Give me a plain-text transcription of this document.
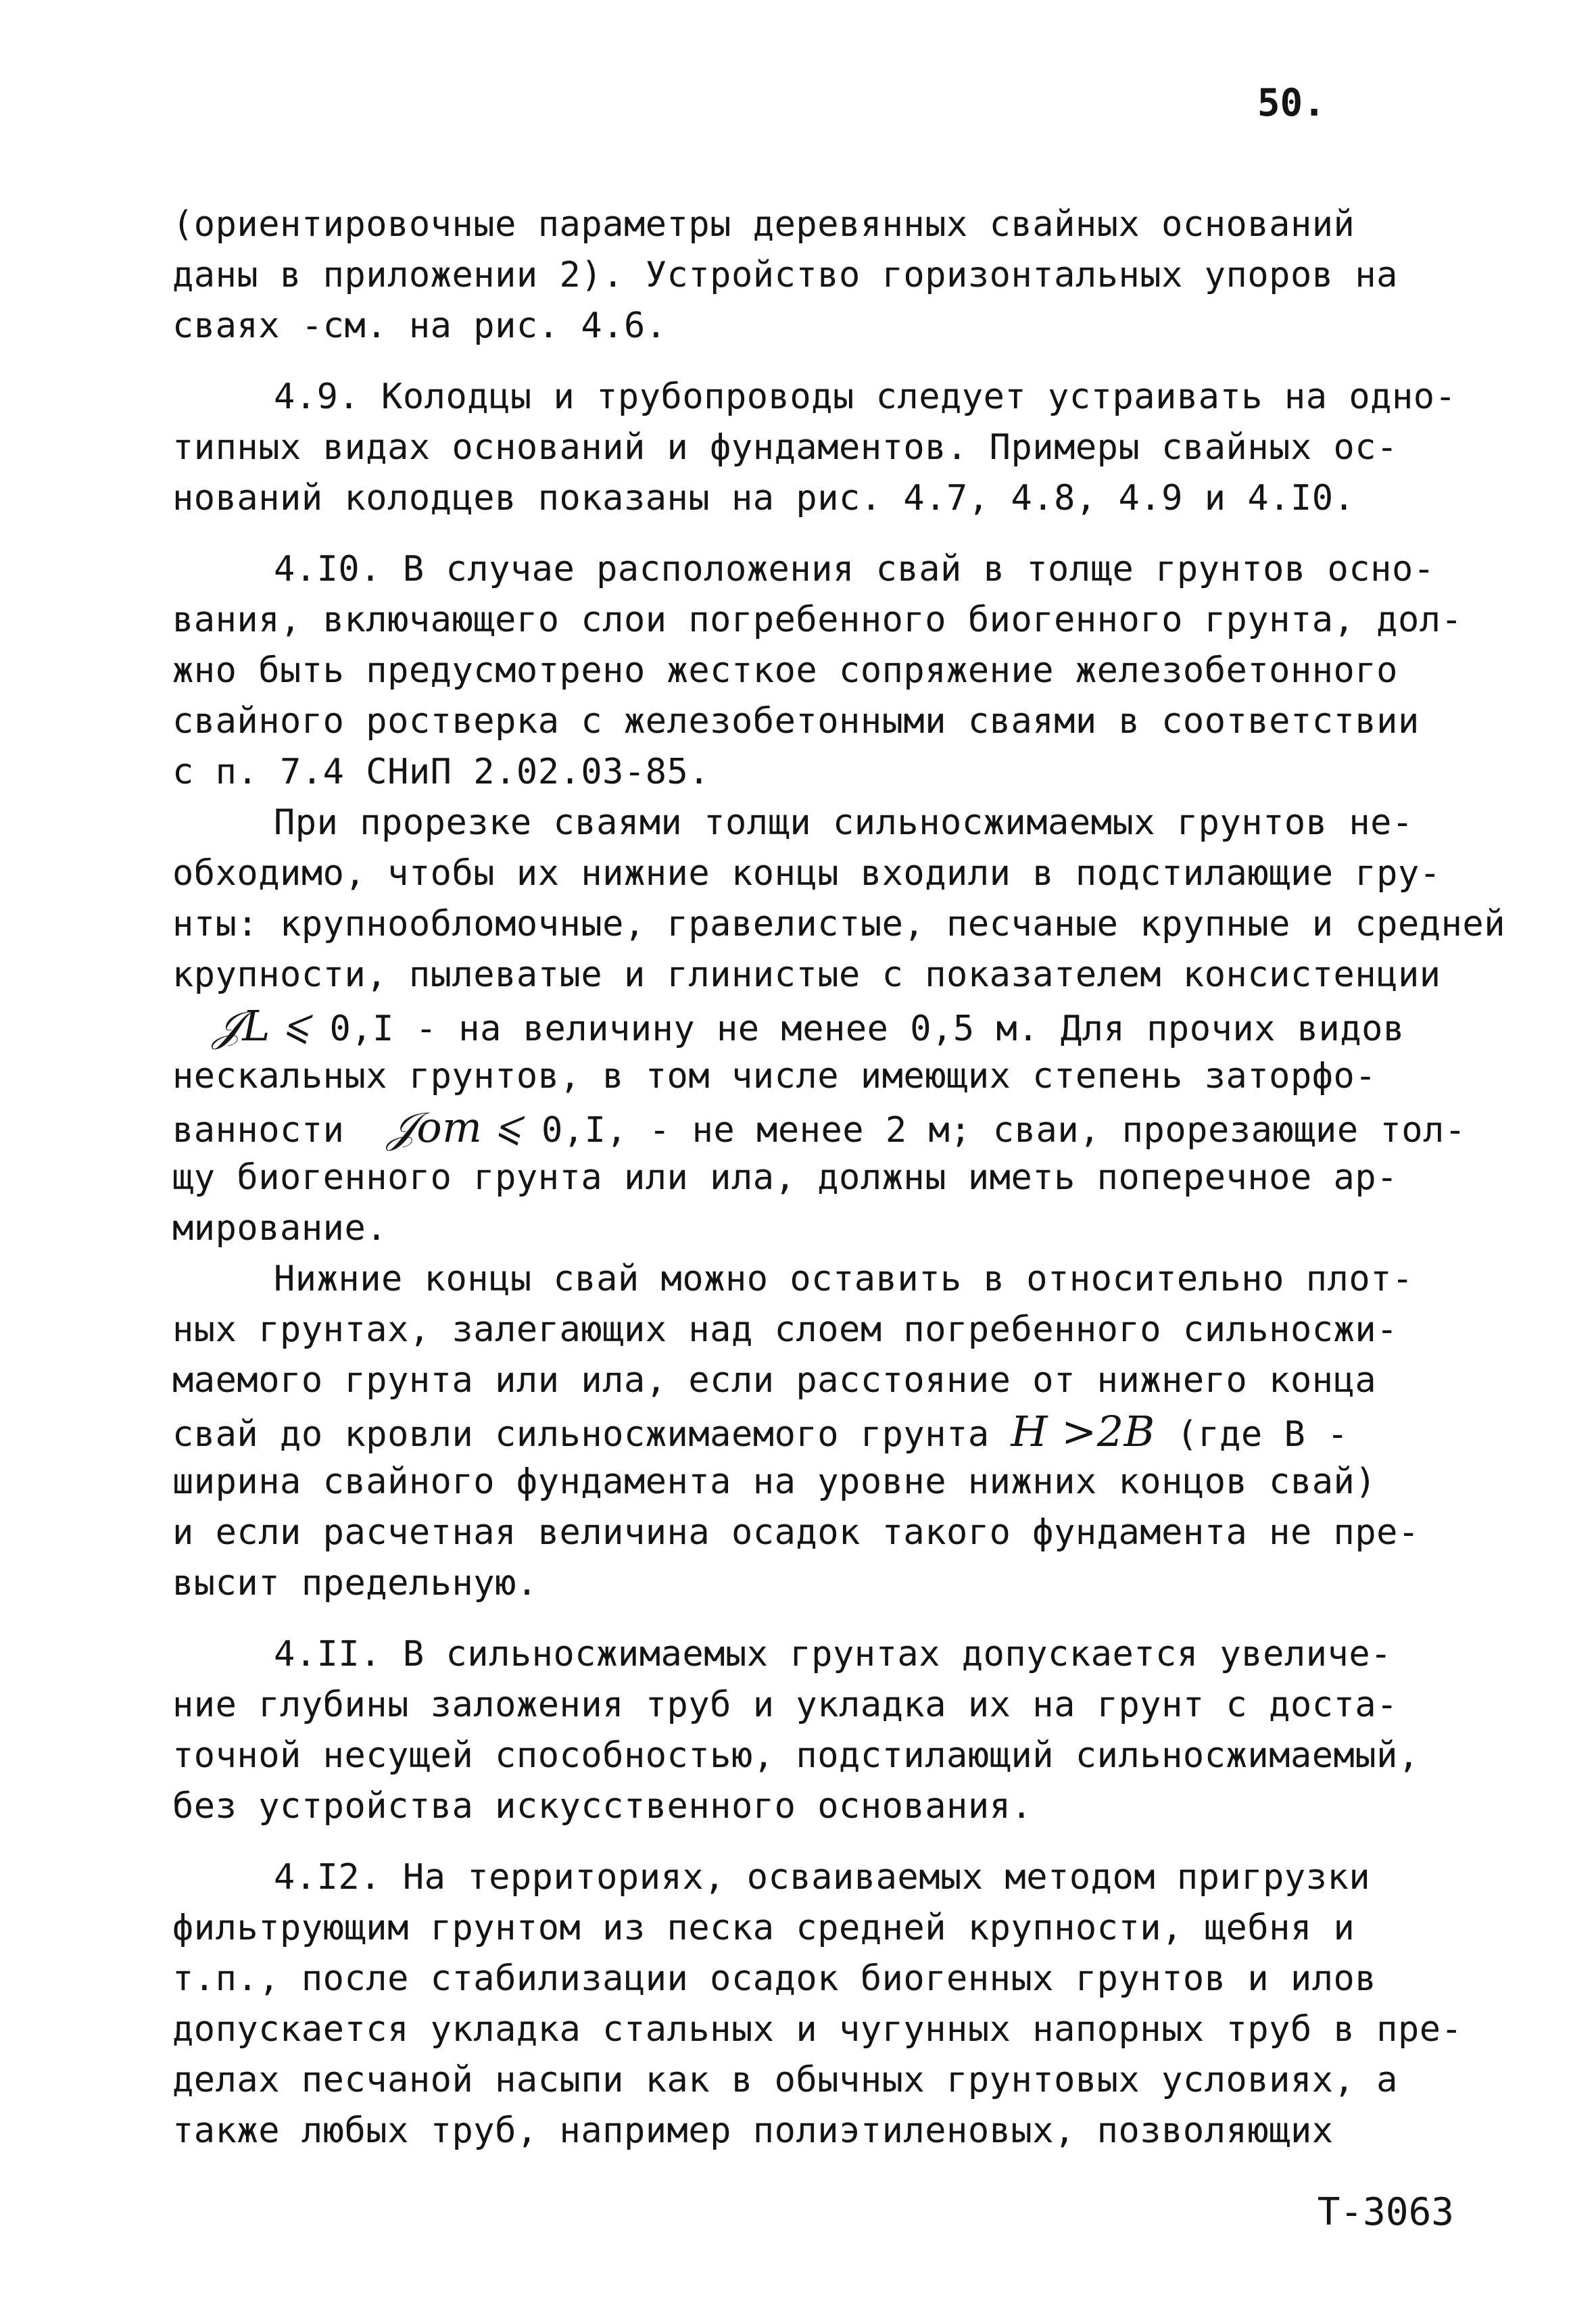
50.
(ориентировочные параметры деревянных свайных оснований
даны в приложении 2). Устройство горизонтальных упоров на
сваях -см. на рис. 4.6.
4.9. Колодцы и трубопроводы следует устраивать на одно-
типных видах оснований и фундаментов. Примеры свайных ос-
нований колодцев показаны на рис. 4.7, 4.8, 4.9 и 4.I0.
4.I0. В случае расположения свай в толще грунтов осно-
вания, включающего слои погребенного биогенного грунта, дол-
жно быть предусмотрено жесткое сопряжение железобетонного
свайного ростверка с железобетонными сваями в соответствии
с п. 7.4 СНиП 2.02.03-85.
При прорезке сваями толщи сильносжимаемых грунтов не-
обходимо, чтобы их нижние концы входили в подстилающие гру-
нты: крупнообломочные, гравелистые, песчаные крупные и средней
крупности, пылеватые и глинистые с показателем консистенции
𝒥L ⩽ 0,I - на величину не менее 0,5 м. Для прочих видов
нескальных грунтов, в том числе имеющих степень заторфо-
ванности 𝒥от ⩽ 0,I, - не менее 2 м; сваи, прорезающие тол-
щу биогенного грунта или ила, должны иметь поперечное ар-
мирование.
Нижние концы свай можно оставить в относительно плот-
ных грунтах, залегающих над слоем погребенного сильносжи-
маемого грунта или ила, если расстояние от нижнего конца
свай до кровли сильносжимаемого грунта Н >2В (где В -
ширина свайного фундамента на уровне нижних концов свай)
и если расчетная величина осадок такого фундамента не пре-
высит предельную.
4.II. В сильносжимаемых грунтах допускается увеличе-
ние глубины заложения труб и укладка их на грунт с доста-
точной несущей способностью, подстилающий сильносжимаемый,
без устройства искусственного основания.
4.I2. На территориях, осваиваемых методом пригрузки
фильтрующим грунтом из песка средней крупности, щебня и
т.п., после стабилизации осадок биогенных грунтов и илов
допускается укладка стальных и чугунных напорных труб в пре-
делах песчаной насыпи как в обычных грунтовых условиях, а
также любых труб, например полиэтиленовых, позволяющих
Т-3063
